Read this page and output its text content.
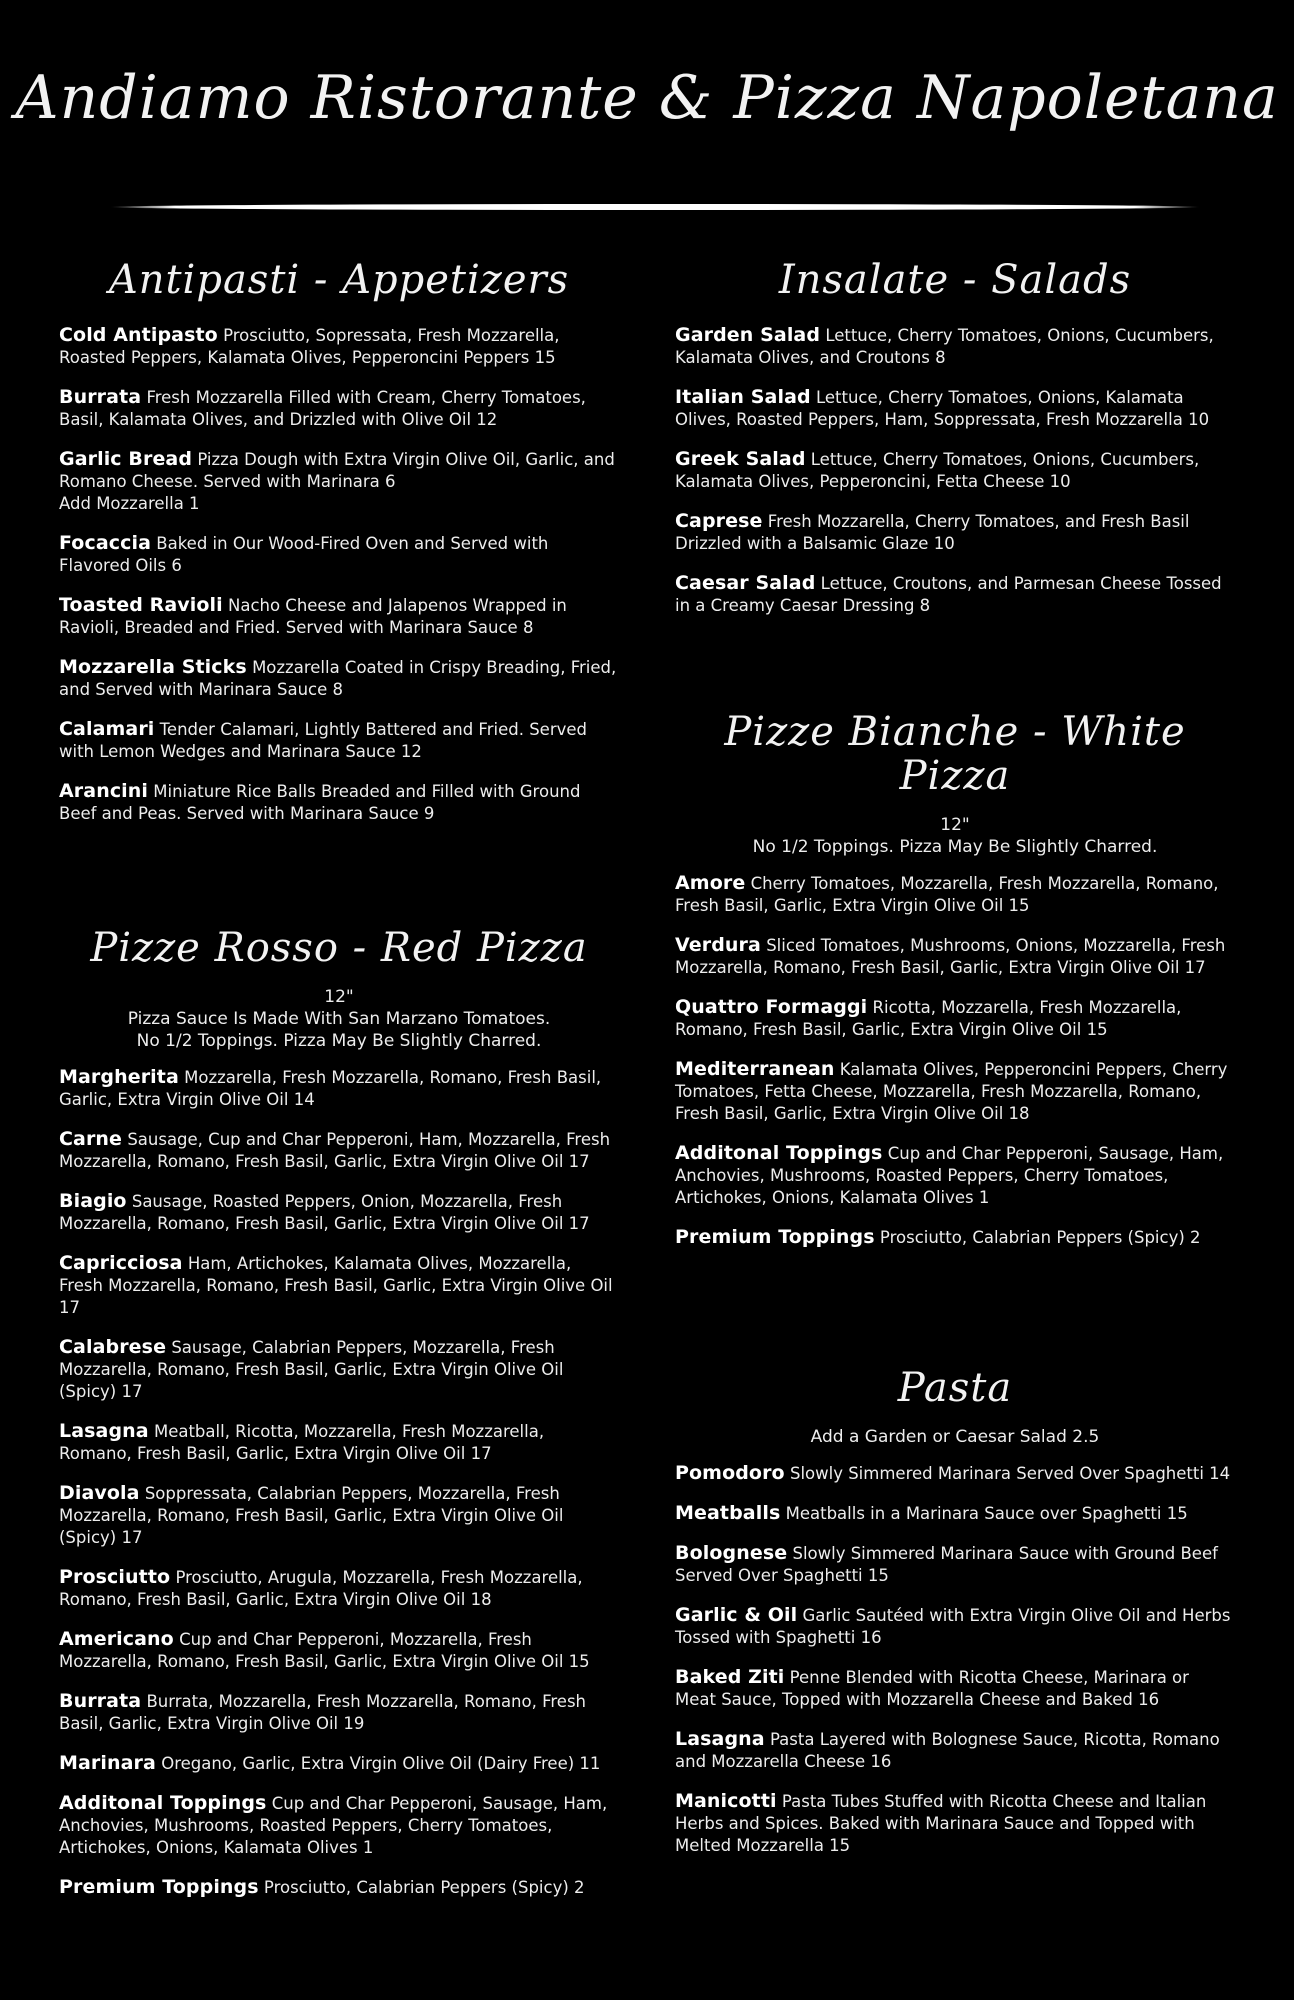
Andiamo Ristorante & Pizza Napoletana
Antipasti - Appetizers
Cold Antipasto Prosciutto, Sopressata, Fresh Mozzarella, Roasted Peppers, Kalamata Olives, Pepperoncini Peppers 15
Burrata Fresh Mozzarella Filled with Cream, Cherry Tomatoes, Basil, Kalamata Olives, and Drizzled with Olive Oil 12
Garlic Bread Pizza Dough with Extra Virgin Olive Oil, Garlic, and Romano Cheese. Served with Marinara 6
Add Mozzarella 1
Focaccia Baked in Our Wood-Fired Oven and Served with Flavored Oils 6
Toasted Ravioli Nacho Cheese and Jalapenos Wrapped in Ravioli, Breaded and Fried. Served with Marinara Sauce 8
Mozzarella Sticks Mozzarella Coated in Crispy Breading, Fried, and Served with Marinara Sauce 8
Calamari Tender Calamari, Lightly Battered and Fried. Served with Lemon Wedges and Marinara Sauce 12
Arancini Miniature Rice Balls Breaded and Filled with Ground Beef and Peas. Served with Marinara Sauce 9
Pizze Rosso - Red Pizza
12"
Pizza Sauce Is Made With San Marzano Tomatoes.
No 1/2 Toppings. Pizza May Be Slightly Charred.
Margherita Mozzarella, Fresh Mozzarella, Romano, Fresh Basil, Garlic, Extra Virgin Olive Oil 14
Carne Sausage, Cup and Char Pepperoni, Ham, Mozzarella, Fresh Mozzarella, Romano, Fresh Basil, Garlic, Extra Virgin Olive Oil 17
Biagio Sausage, Roasted Peppers, Onion, Mozzarella, Fresh Mozzarella, Romano, Fresh Basil, Garlic, Extra Virgin Olive Oil 17
Capricciosa Ham, Artichokes, Kalamata Olives, Mozzarella, Fresh Mozzarella, Romano, Fresh Basil, Garlic, Extra Virgin Olive Oil 17
Calabrese Sausage, Calabrian Peppers, Mozzarella, Fresh Mozzarella, Romano, Fresh Basil, Garlic, Extra Virgin Olive Oil (Spicy) 17
Lasagna Meatball, Ricotta, Mozzarella, Fresh Mozzarella, Romano, Fresh Basil, Garlic, Extra Virgin Olive Oil 17
Diavola Soppressata, Calabrian Peppers, Mozzarella, Fresh Mozzarella, Romano, Fresh Basil, Garlic, Extra Virgin Olive Oil (Spicy) 17
Prosciutto Prosciutto, Arugula, Mozzarella, Fresh Mozzarella, Romano, Fresh Basil, Garlic, Extra Virgin Olive Oil 18
Americano Cup and Char Pepperoni, Mozzarella, Fresh Mozzarella, Romano, Fresh Basil, Garlic, Extra Virgin Olive Oil 15
Burrata Burrata, Mozzarella, Fresh Mozzarella, Romano, Fresh Basil, Garlic, Extra Virgin Olive Oil 19
Marinara Oregano, Garlic, Extra Virgin Olive Oil (Dairy Free) 11
Additonal Toppings Cup and Char Pepperoni, Sausage, Ham, Anchovies, Mushrooms, Roasted Peppers, Cherry Tomatoes, Artichokes, Onions, Kalamata Olives 1
Premium Toppings Prosciutto, Calabrian Peppers (Spicy) 2
Insalate - Salads
Garden Salad Lettuce, Cherry Tomatoes, Onions, Cucumbers, Kalamata Olives, and Croutons 8
Italian Salad Lettuce, Cherry Tomatoes, Onions, Kalamata Olives, Roasted Peppers, Ham, Soppressata, Fresh Mozzarella 10
Greek Salad Lettuce, Cherry Tomatoes, Onions, Cucumbers, Kalamata Olives, Pepperoncini, Fetta Cheese 10
Caprese Fresh Mozzarella, Cherry Tomatoes, and Fresh Basil Drizzled with a Balsamic Glaze 10
Caesar Salad Lettuce, Croutons, and Parmesan Cheese Tossed in a Creamy Caesar Dressing 8
Pizze Bianche - White Pizza
12"
No 1/2 Toppings. Pizza May Be Slightly Charred.
Amore Cherry Tomatoes, Mozzarella, Fresh Mozzarella, Romano, Fresh Basil, Garlic, Extra Virgin Olive Oil 15
Verdura Sliced Tomatoes, Mushrooms, Onions, Mozzarella, Fresh Mozzarella, Romano, Fresh Basil, Garlic, Extra Virgin Olive Oil 17
Quattro Formaggi Ricotta, Mozzarella, Fresh Mozzarella, Romano, Fresh Basil, Garlic, Extra Virgin Olive Oil 15
Mediterranean Kalamata Olives, Pepperoncini Peppers, Cherry Tomatoes, Fetta Cheese, Mozzarella, Fresh Mozzarella, Romano, Fresh Basil, Garlic, Extra Virgin Olive Oil 18
Additonal Toppings Cup and Char Pepperoni, Sausage, Ham, Anchovies, Mushrooms, Roasted Peppers, Cherry Tomatoes, Artichokes, Onions, Kalamata Olives 1
Premium Toppings Prosciutto, Calabrian Peppers (Spicy) 2
Pasta
Add a Garden or Caesar Salad 2.5
Pomodoro Slowly Simmered Marinara Served Over Spaghetti 14
Meatballs Meatballs in a Marinara Sauce over Spaghetti 15
Bolognese Slowly Simmered Marinara Sauce with Ground Beef Served Over Spaghetti 15
Garlic & Oil Garlic Sautéed with Extra Virgin Olive Oil and Herbs Tossed with Spaghetti 16
Baked Ziti Penne Blended with Ricotta Cheese, Marinara or Meat Sauce, Topped with Mozzarella Cheese and Baked 16
Lasagna Pasta Layered with Bolognese Sauce, Ricotta, Romano and Mozzarella Cheese 16
Manicotti Pasta Tubes Stuffed with Ricotta Cheese and Italian Herbs and Spices. Baked with Marinara Sauce and Topped with Melted Mozzarella 15
